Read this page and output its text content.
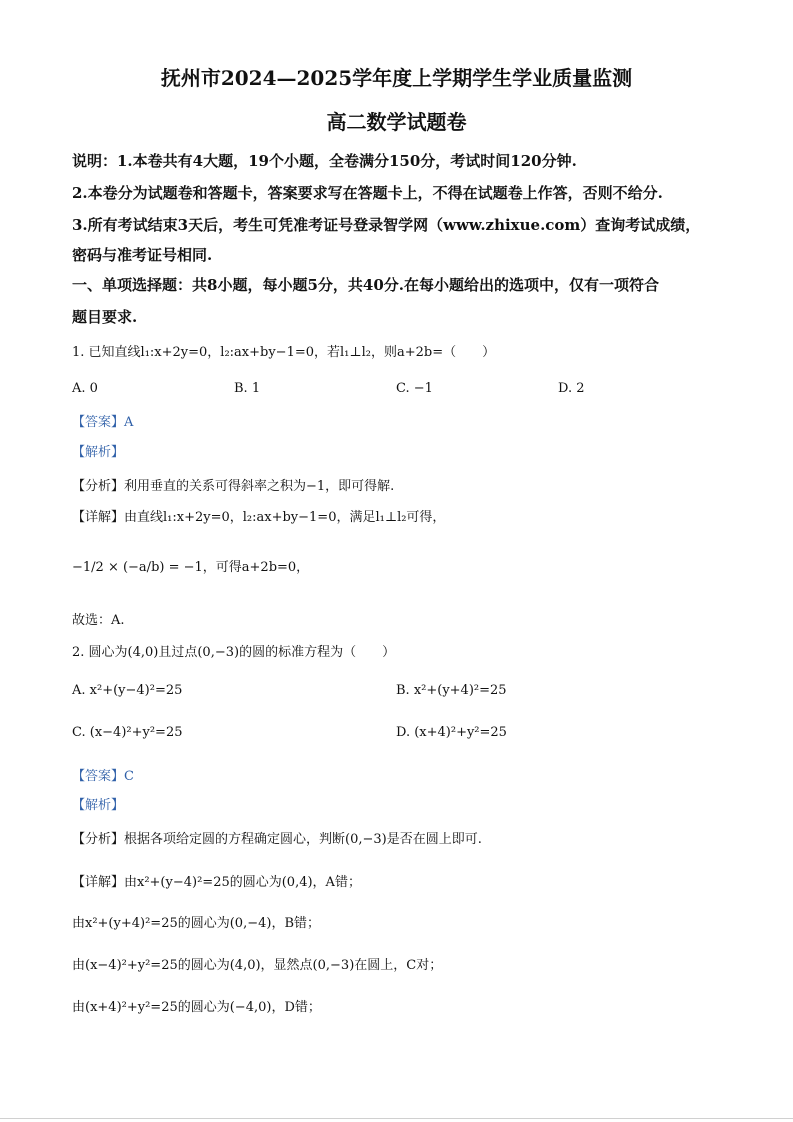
抚州市2024—2025学年度上学期学生学业质量监测
高二数学试题卷
说明：1.本卷共有4大题，19个小题，全卷满分150分，考试时间120分钟.
2.本卷分为试题卷和答题卡，答案要求写在答题卡上，不得在试题卷上作答，否则不给分.
3.所有考试结束3天后，考生可凭准考证号登录智学网（www.zhixue.com）查询考试成绩，
密码与准考证号相同.
一、单项选择题：共8小题，每小题5分，共40分.在每小题给出的选项中，仅有一项符合
题目要求.
1. 已知直线l₁:x+2y=0，l₂:ax+by−1=0，若l₁⊥l₂，则a+2b=（　　）
A. 0	B. 1	C. −1	D. 2
【答案】A
【解析】
【分析】利用垂直的关系可得斜率之积为−1，即可得解.
【详解】由直线l₁:x+2y=0，l₂:ax+by−1=0，满足l₁⊥l₂可得，
−1/2 × (−a/b) = −1，可得a+2b=0，
故选：A.
2. 圆心为(4,0)且过点(0,−3)的圆的标准方程为（　　）
A. x²+(y−4)²=25	B. x²+(y+4)²=25
C. (x−4)²+y²=25	D. (x+4)²+y²=25
【答案】C
【解析】
【分析】根据各项给定圆的方程确定圆心，判断(0,−3)是否在圆上即可.
【详解】由x²+(y−4)²=25的圆心为(0,4)，A错；
由x²+(y+4)²=25的圆心为(0,−4)，B错；
由(x−4)²+y²=25的圆心为(4,0)，显然点(0,−3)在圆上，C对；
由(x+4)²+y²=25的圆心为(−4,0)，D错；
